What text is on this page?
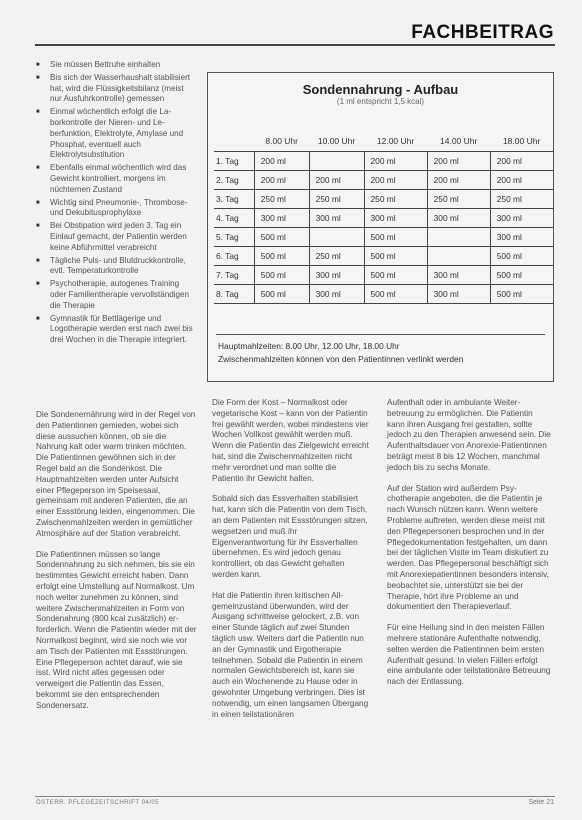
FACHBEITRAG
■ Sie müssen Bettruhe einhalten
■ Bis sich der Wasserhaushalt stabilisiert hat, wird die Flüssigkeitsbilanz (meist nur Ausfuhrkontrolle) gemessen
■ Einmal wöchentlich erfolgt die Laborkontrolle der Nieren- und Leberfunktion, Elektrolyte, Amylase und Phosphat, eventuell auch Elektrolytsubstitution
■ Ebenfalls einmal wöchentlich wird das Gewicht kontrolliert, morgens im nüchternen Zustand
■ Wichtig sind Pneumonie-, Thrombose- und Dekubitusprophylaxe
■ Bei Obstipation wird jeden 3. Tag ein Einlauf gemacht, der Patientin werden keine Abführmittel verabreicht
■ Tägliche Puls- und Blutdruckkontrolle, evtl. Temperaturkontrolle
■ Psychotherapie, autogenes Training oder Familientherapie vervollständigen die Therapie
■ Gymnastik für Bettlägerige und Logotherapie werden erst nach zwei bis drei Wochen in die Therapie integriert.
Sondennahrung - Aufbau
(1 ml entspricht 1,5 kcal)
	8.00 Uhr	10.00 Uhr	12.00 Uhr	14.00 Uhr	18.00 Uhr
1. Tag	200 ml		200 ml	200 ml	200 ml
2. Tag	200 ml	200 ml	200 ml	200 ml	200 ml
3. Tag	250 ml	250 ml	250 ml	250 ml	250 ml
4. Tag	300 ml	300 ml	300 ml	300 ml	300 ml
5. Tag	500 ml		500 ml		300 ml
6. Tag	500 ml	250 ml	500 ml		500 ml
7. Tag	500 ml	300 ml	500 ml	300 ml	500 ml
8. Tag	500 ml	300 ml	500 ml	300 ml	500 ml
Hauptmahlzeiten: 8.00 Uhr, 12.00 Uhr, 18.00 Uhr
Zwischenmahlzeiten können von den Patientinnen verlinkt werden

Die Sondenernährung wird in der Regel von den Patientinnen gemieden, wobei sich diese aussuchen können, ob sie die Nahrung kalt oder warm trinken möchten. Die Patientinnen gewöhnen sich in der Regel bald an die Sondenkost. Die Hauptmahlzeiten werden unter Aufsicht einer Pflegeperson im Speisesaal, gemeinsam mit anderen Patienten, die an einer Essstörung leiden, eingenommen. Die Zwischenmahlzeiten werden in gemütlicher Atmosphäre auf der Station verabreicht.

Die Patientinnen müssen so lange Sondennahrung zu sich nehmen, bis sie ein bestimmtes Gewicht erreicht haben. Dann erfolgt eine Umstellung auf Normalkost. Um noch weiter zunehmen zu können, sind weitere Zwischenmahlzeiten in Form von Sondenahrung (800 kcal zusätzlich) erforderlich. Wenn die Patientin wieder mit der Normalkost beginnt, wird sie noch wie vor am Tisch der Patienten mit Essstörungen. Eine Pflegeperson achtet darauf, wie sie isst. Wird nicht alles gegessen oder verweigert die Patientin das Essen, bekommt sie den entsprechenden Sondenersatz.

Die Form der Kost – Normalkost oder vegetarische Kost – kann von der Patientin frei gewählt werden, wobei mindestens vier Wochen Vollkost gewählt werden muß. Wenn die Patientin das Zielgewicht erreicht hat, sind die Zwischenmahlzeiten nicht mehr verordnet und man sollte die Patientin ihr Gewicht halten.

Sobald sich das Essverhalten stabilisiert hat, kann sich die Patientin von dem Tisch, an dem Patienten mit Essstörungen sitzen, wegsetzen und muß ihr Eigenverantwortung für ihr Essverhalten übernehmen. Es wird jedoch genau kontrolliert, ob das Gewicht gehalten werden kann.

Hat die Patientin ihren kritischen Allgemeinzustand überwunden, wird der Ausgang schrittweise gelockert, z.B. von einer Stunde täglich auf zwei Stunden täglich usw. Weiters darf die Patientin nun an der Gymnastik und Ergotherapie teilnehmen. Sobald die Patientin in einem normalen Gewichtsbereich ist, kann sie auch ein Wochenende zu Hause oder in gewohnter Umgebung verbringen. Dies ist notwendig, um einen langsamen Übergang in einen teilstationären

Aufenthalt oder in ambulante Weiterbetreuung zu ermöglichen. Die Patientin kann ihren Ausgang frei gestalten, sollte jedoch zu den Therapien anwesend sein. Die Aufenthaltsdauer von Anorexie-Patientinnen beträgt meist 8 bis 12 Wochen, manchmal jedoch bis zu sechs Monate.

Auf der Station wird außerdem Psychotherapie angeboten, die die Patientin je nach Wunsch nützen kann. Wenn weitere Probleme auftreten, werden diese meist mit den Pflegepersonen besprochen und in der Pflegedokumentation festgehalten, um dann bei der täglichen Visite im Team diskutiert zu werden. Das Pflegepersonal beschäftigt sich mit Anorexiepatientinnen besonders intensiv, beobachtet sie, unterstützt sie bei der Therapie, hört ihre Probleme an und dokumentiert den Therapieverlauf.

Für eine Heilung sind in den meisten Fällen mehrere stationäre Aufenthalte notwendig, selten werden die Patientinnen beim ersten Aufenthalt gesund. In vielen Fällen erfolgt eine ambulante oder teilstationäre Betreuung nach der Entlassung.

ÖSTERR. PFLEGEZEITSCHRIFT 04/05	Seite 21
